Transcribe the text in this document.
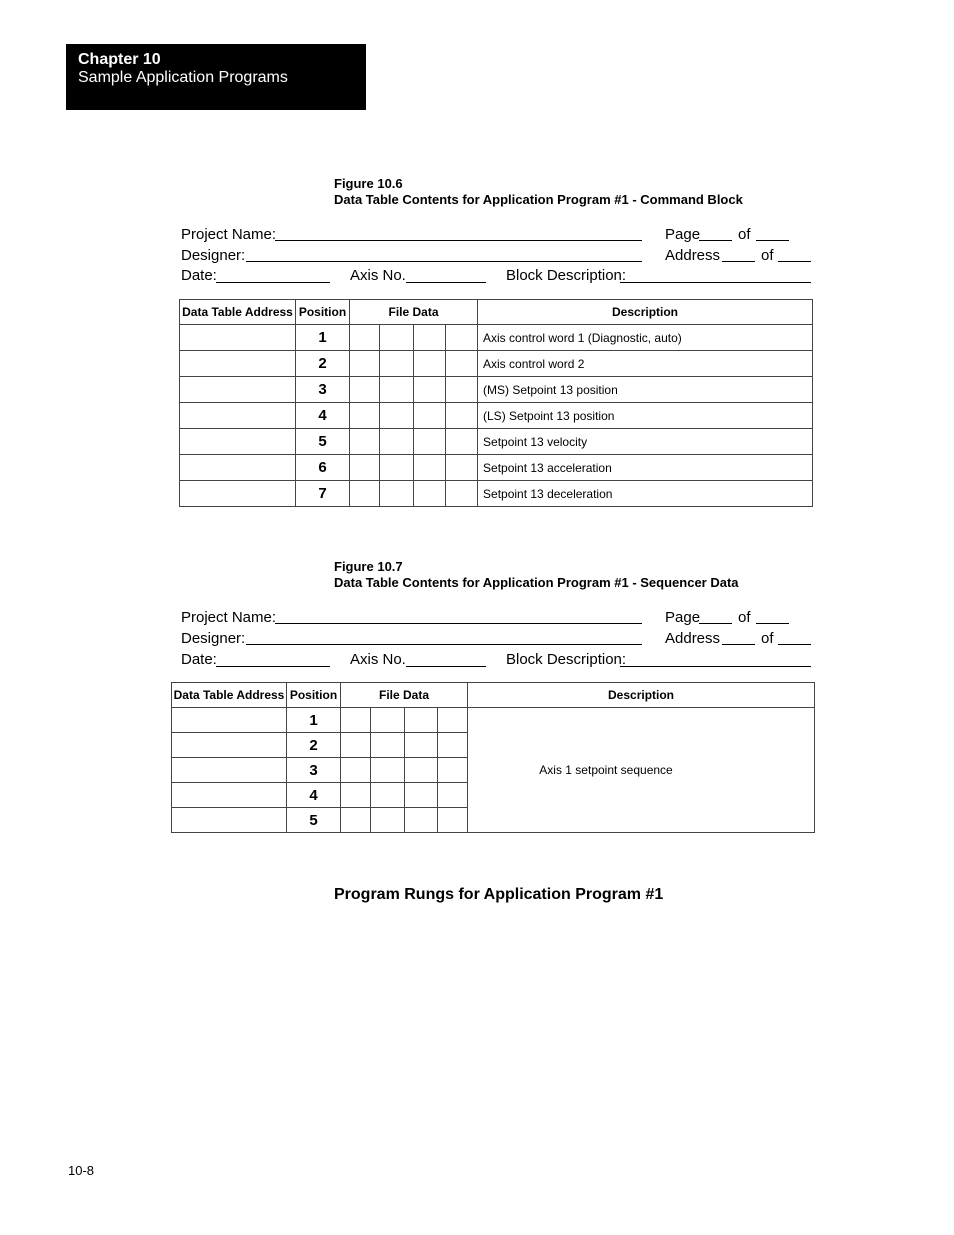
Chapter 10
Sample Application Programs
Figure 10.6
Data Table Contents for Application Program #1 - Command Block
Project Name:	Page	of
Designer:	Address	of
Date:	Axis No.	Block Description:
Data Table Address	Position	File Data				Description
	1					Axis control word 1 (Diagnostic, auto)
	2					Axis control word 2
	3					(MS) Setpoint 13 position
	4					(LS) Setpoint 13 position
	5					Setpoint 13 velocity
	6					Setpoint 13 acceleration
	7					Setpoint 13 deceleration
Figure 10.7
Data Table Contents for Application Program #1 - Sequencer Data
Project Name:	Page	of
Designer:	Address	of
Date:	Axis No.	Block Description:
Data Table Address	Position	File Data				Description
	1					Axis 1 setpoint sequence
	2					
	3					
	4					
	5					
Program Rungs for Application Program #1
10-8
